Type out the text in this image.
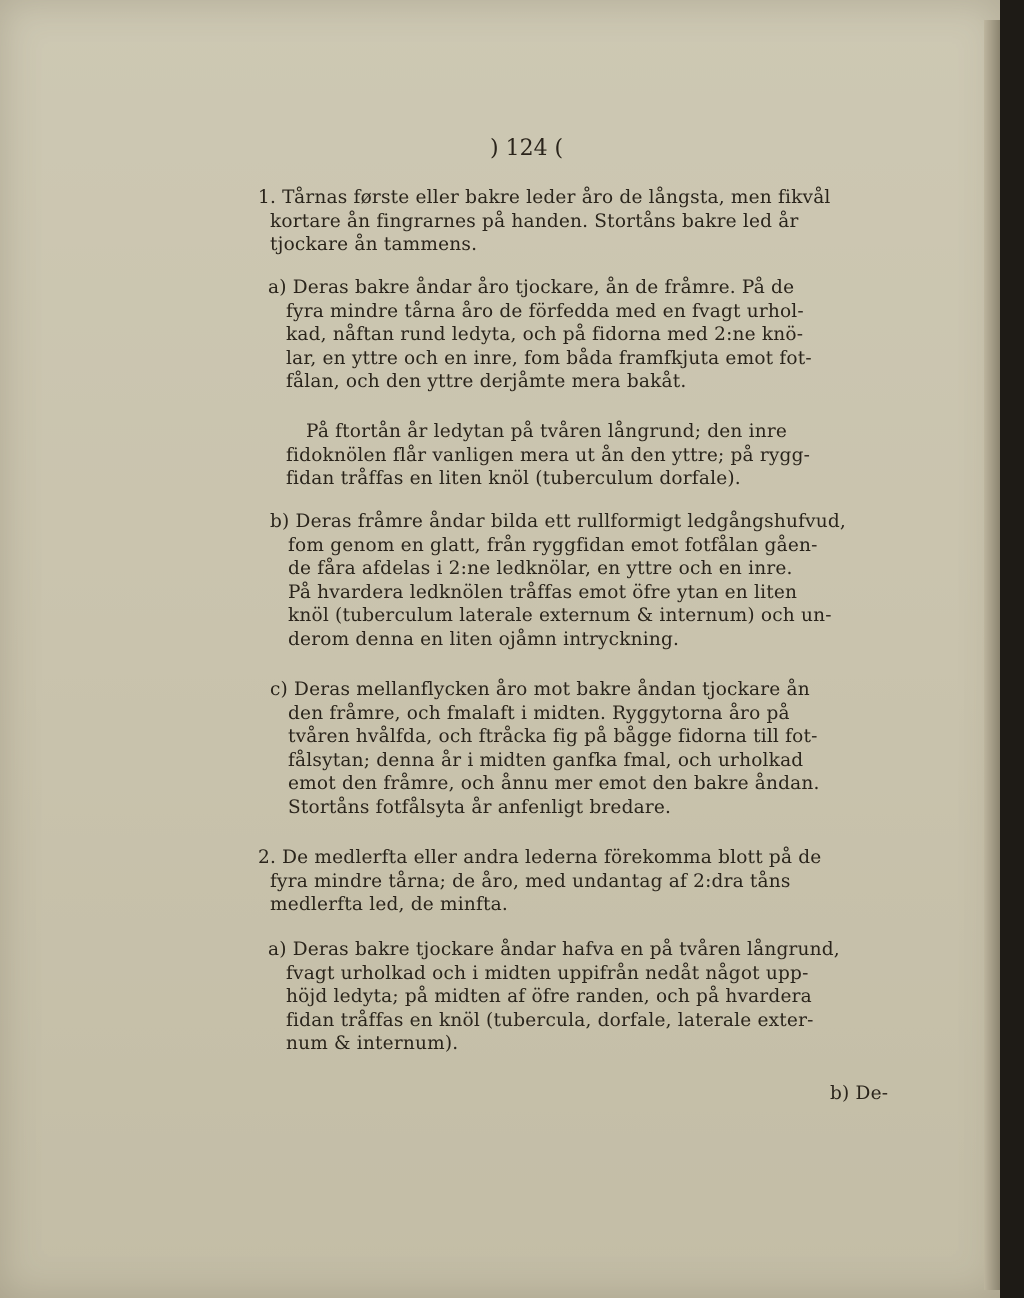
) 124 (
1. Tårnas første eller bakre leder åro de långsta, men fikvål
kortare ån fingrarnes på handen. Stortåns bakre led år
tjockare ån tammens.
a) Deras bakre åndar åro tjockare, ån de fråmre. På de
fyra mindre tårna åro de förfedda med en fvagt urhol-
kad, nåftan rund ledyta, och på fidorna med 2:ne knö-
lar, en yttre och en inre, fom båda framfkjuta emot fot-
fålan, och den yttre derjåmte mera bakåt.
På ftortån år ledytan på tvåren långrund; den inre
fidoknölen flår vanligen mera ut ån den yttre; på rygg-
fidan tråffas en liten knöl (tuberculum dorfale).
b) Deras fråmre åndar bilda ett rullformigt ledgångshufvud,
fom genom en glatt, från ryggfidan emot fotfålan gåen-
de fåra afdelas i 2:ne ledknölar, en yttre och en inre.
På hvardera ledknölen tråffas emot öfre ytan en liten
knöl (tuberculum laterale externum & internum) och un-
derom denna en liten ojåmn intryckning.
c) Deras mellanflycken åro mot bakre åndan tjockare ån
den fråmre, och fmalaft i midten. Ryggytorna åro på
tvåren hvålfda, och ftråcka fig på bågge fidorna till fot-
fålsytan; denna år i midten ganfka fmal, och urholkad
emot den fråmre, och ånnu mer emot den bakre åndan.
Stortåns fotfålsyta år anfenligt bredare.
2. De medlerfta eller andra lederna förekomma blott på de
fyra mindre tårna; de åro, med undantag af 2:dra tåns
medlerfta led, de minfta.
a) Deras bakre tjockare åndar hafva en på tvåren långrund,
fvagt urholkad och i midten uppifrån nedåt något upp-
höjd ledyta; på midten af öfre randen, och på hvardera
fidan tråffas en knöl (tubercula, dorfale, laterale exter-
num & internum).
b) De-
